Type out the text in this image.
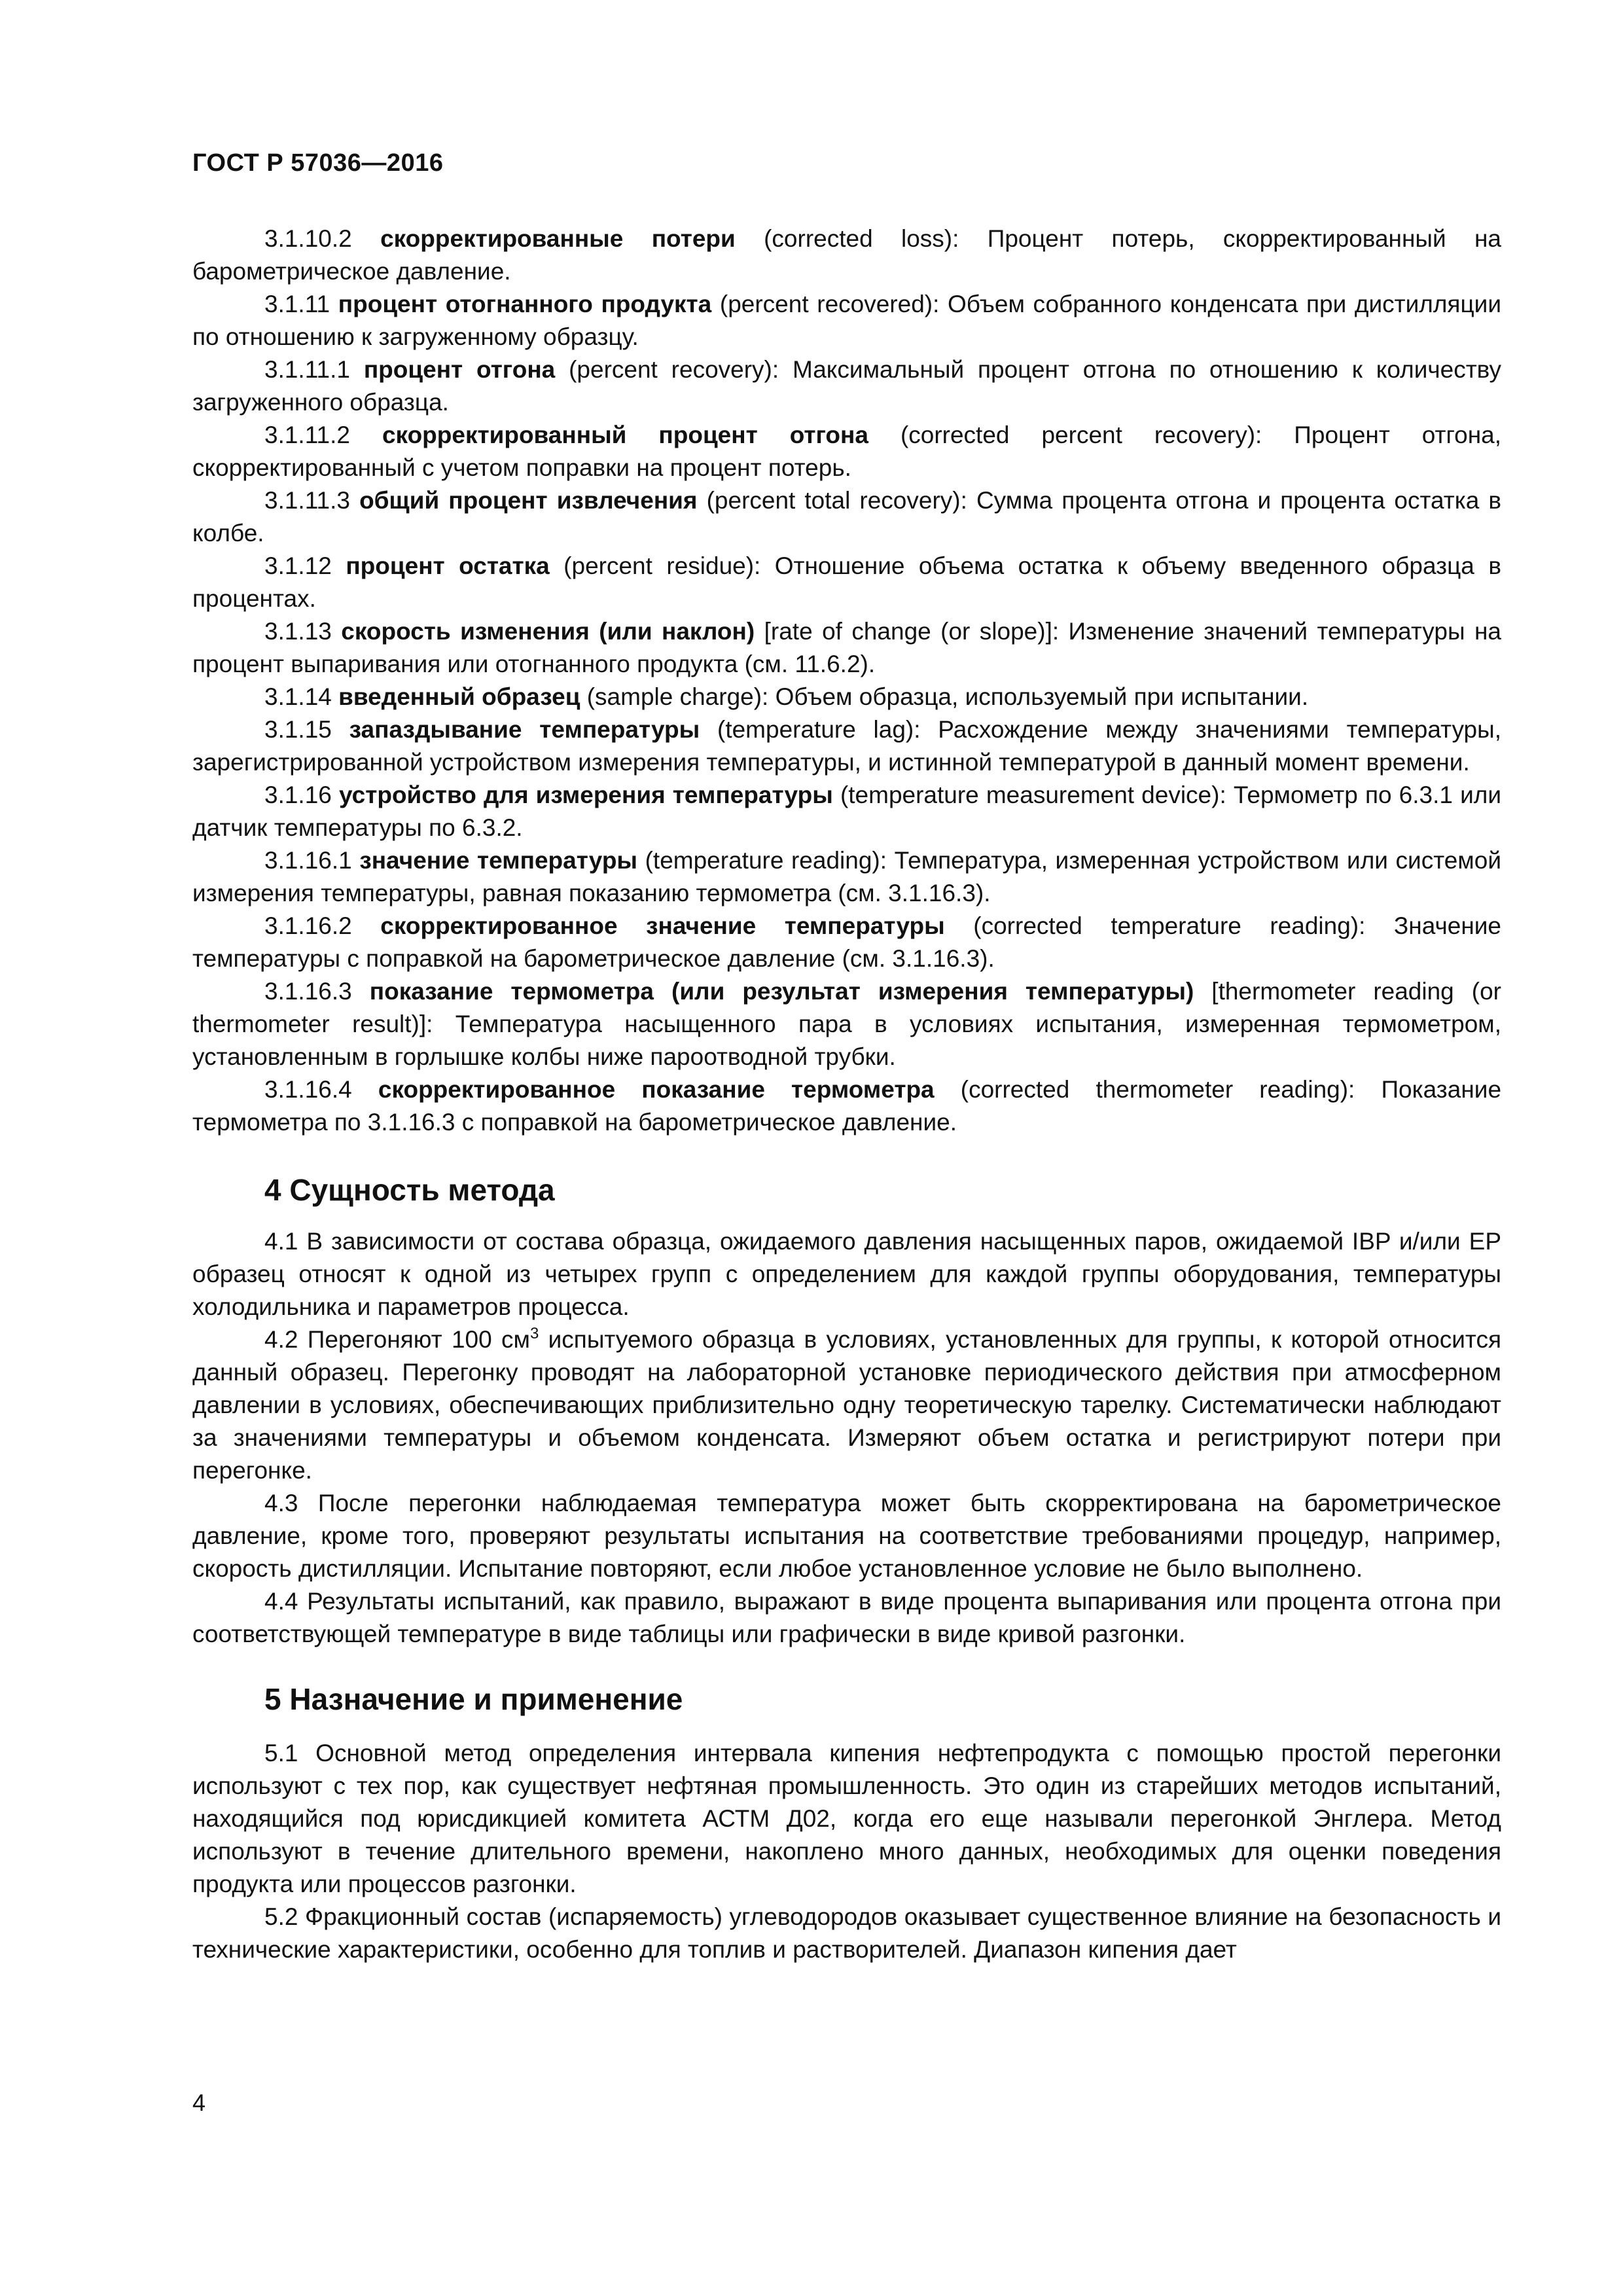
ГОСТ Р 57036—2016

3.1.10.2 скорректированные потери (corrected loss): Процент потерь, скорректированный на барометрическое давление.

3.1.11 процент отогнанного продукта (percent recovered): Объем собранного конденсата при дистилляции по отношению к загруженному образцу.

3.1.11.1 процент отгона (percent recovery): Максимальный процент отгона по отношению к количеству загруженного образца.

3.1.11.2 скорректированный процент отгона (corrected percent recovery): Процент отгона, скорректированный с учетом поправки на процент потерь.

3.1.11.3 общий процент извлечения (percent total recovery): Сумма процента отгона и процента остатка в колбе.

3.1.12 процент остатка (percent residue): Отношение объема остатка к объему введенного образца в процентах.

3.1.13 скорость изменения (или наклон) [rate of change (or slope)]: Изменение значений температуры на процент выпаривания или отогнанного продукта (см. 11.6.2).

3.1.14 введенный образец (sample charge): Объем образца, используемый при испытании.

3.1.15 запаздывание температуры (temperature lag): Расхождение между значениями температуры, зарегистрированной устройством измерения температуры, и истинной температурой в данный момент времени.

3.1.16 устройство для измерения температуры (temperature measurement device): Термометр по 6.3.1 или датчик температуры по 6.3.2.

3.1.16.1 значение температуры (temperature reading): Температура, измеренная устройством или системой измерения температуры, равная показанию термометра (см. 3.1.16.3).

3.1.16.2 скорректированное значение температуры (corrected temperature reading): Значение температуры с поправкой на барометрическое давление (см. 3.1.16.3).

3.1.16.3 показание термометра (или результат измерения температуры) [thermometer reading (or thermometer result)]: Температура насыщенного пара в условиях испытания, измеренная термометром, установленным в горлышке колбы ниже пароотводной трубки.

3.1.16.4 скорректированное показание термометра (corrected thermometer reading): Показание термометра по 3.1.16.3 с поправкой на барометрическое давление.

4 Сущность метода

4.1 В зависимости от состава образца, ожидаемого давления насыщенных паров, ожидаемой IBP и/или EP образец относят к одной из четырех групп с определением для каждой группы оборудования, температуры холодильника и параметров процесса.

4.2 Перегоняют 100 $см^3$ испытуемого образца в условиях, установленных для группы, к которой относится данный образец. Перегонку проводят на лабораторной установке периодического действия при атмосферном давлении в условиях, обеспечивающих приблизительно одну теоретическую тарелку. Систематически наблюдают за значениями температуры и объемом конденсата. Измеряют объем остатка и регистрируют потери при перегонке.

4.3 После перегонки наблюдаемая температура может быть скорректирована на барометрическое давление, кроме того, проверяют результаты испытания на соответствие требованиями процедур, например, скорость дистилляции. Испытание повторяют, если любое установленное условие не было выполнено.

4.4 Результаты испытаний, как правило, выражают в виде процента выпаривания или процента отгона при соответствующей температуре в виде таблицы или графически в виде кривой разгонки.

5 Назначение и применение

5.1 Основной метод определения интервала кипения нефтепродукта с помощью простой перегонки используют с тех пор, как существует нефтяная промышленность. Это один из старейших методов испытаний, находящийся под юрисдикцией комитета АСТМ Д02, когда его еще называли перегонкой Энглера. Метод используют в течение длительного времени, накоплено много данных, необходимых для оценки поведения продукта или процессов разгонки.

5.2 Фракционный состав (испаряемость) углеводородов оказывает существенное влияние на безопасность и технические характеристики, особенно для топлив и растворителей. Диапазон кипения дает

4
